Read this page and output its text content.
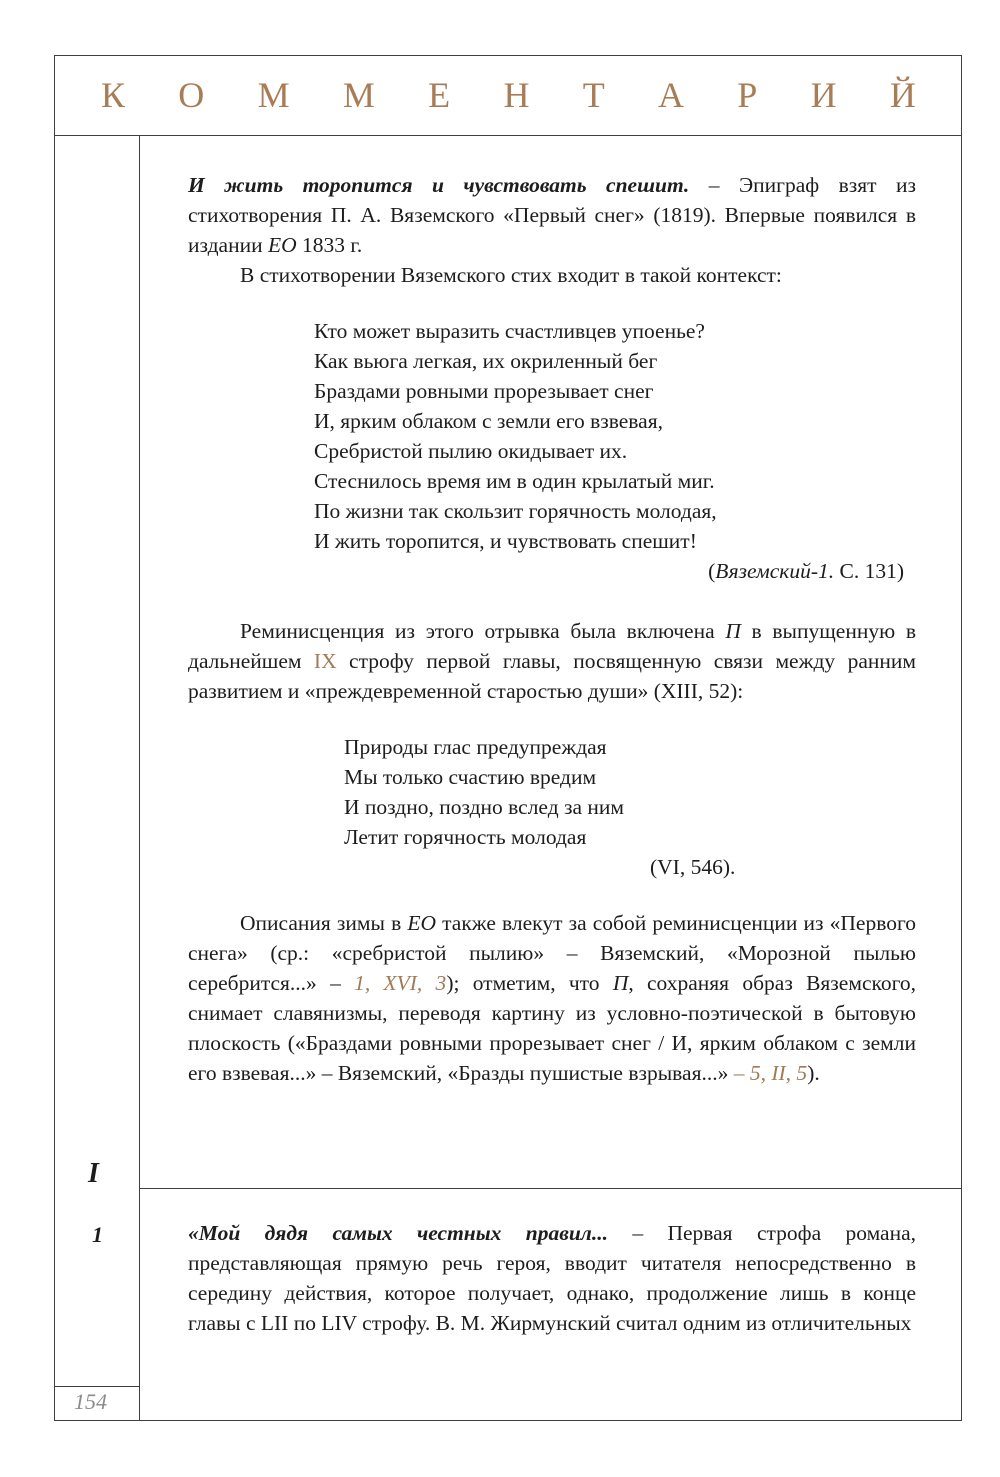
К О М М Е Н Т А Р И Й
I
1
154

И жить торопится и чувствовать спешит. – Эпиграф взят из стихотворения П. А. Вяземского «Первый снег» (1819). Впервые появился в издании ЕО 1833 г.

В стихотворении Вяземского стих входит в такой контекст:

Кто может выразить счастливцев упоенье?
Как вьюга легкая, их окриленный бег
Браздами ровными прорезывает снег
И, ярким облаком с земли его взвевая,
Сребристой пылию окидывает их.
Стеснилось время им в один крылатый миг.
По жизни так скользит горячность молодая,
И жить торопится, и чувствовать спешит!

(Вяземский-1. С. 131)

Реминисценция из этого отрывка была включена П в выпущенную в дальнейшем IX строфу первой главы, посвященную связи между ранним развитием и «преждевременной старостью души» (XIII, 52):

Природы глас предупреждая
Мы только счастию вредим
И поздно, поздно вслед за ним
Летит горячность молодая

(VI, 546).

Описания зимы в ЕО также влекут за собой реминисценции из «Первого снега» (ср.: «сребристой пылию» – Вяземский, «Морозной пылью серебрится...» – 1, XVI, 3); отметим, что П, сохраняя образ Вяземского, снимает славянизмы, переводя картину из условно-поэтической в бытовую плоскость («Браздами ровными прорезывает снег / И, ярким облаком с земли его взвевая...» – Вяземский, «Бразды пушистые взрывая...» – 5, II, 5).

«Мой дядя самых честных правил... – Первая строфа романа, представляющая прямую речь героя, вводит читателя непосредственно в середину действия, которое получает, однако, продолжение лишь в конце главы с LII по LIV строфу. В. М. Жирмунский считал одним из отличительных
